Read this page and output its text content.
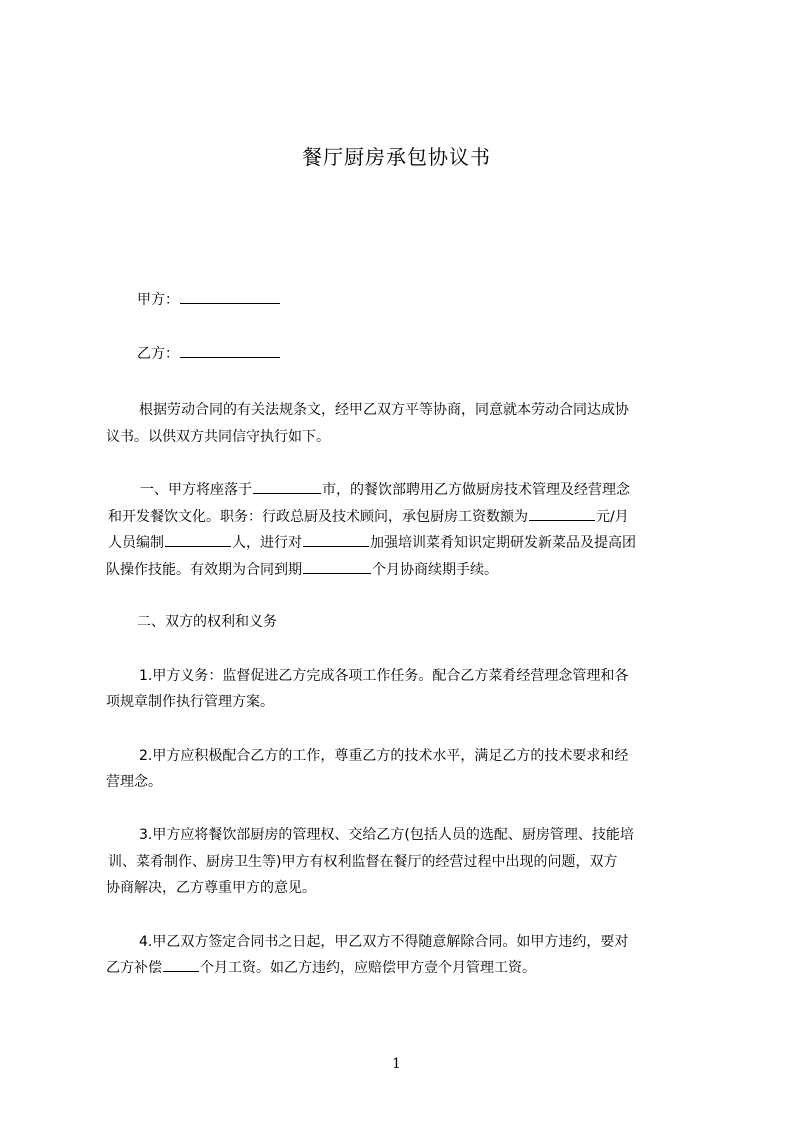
餐厅厨房承包协议书
甲方：
乙方：
根据劳动合同的有关法规条文，经甲乙双方平等协商，同意就本劳动合同达成协
议书。以供双方共同信守执行如下。
一、甲方将座落于	市，的餐饮部聘用乙方做厨房技术管理及经营理念
和开发餐饮文化。职务：行政总厨及技术顾问，承包厨房工资数额为	元/月
人员编制	人，进行对	加强培训菜肴知识定期研发新菜品及提高团
队操作技能。有效期为合同到期	个月协商续期手续。
二、双方的权利和义务
1.甲方义务：监督促进乙方完成各项工作任务。配合乙方菜肴经营理念管理和各
项规章制作执行管理方案。
2.甲方应积极配合乙方的工作，尊重乙方的技术水平，满足乙方的技术要求和经
营理念。
3.甲方应将餐饮部厨房的管理权、交给乙方(包括人员的选配、厨房管理、技能培
训、菜肴制作、厨房卫生等)甲方有权利监督在餐厅的经营过程中出现的问题，双方
协商解决，乙方尊重甲方的意见。
4.甲乙双方签定合同书之日起，甲乙双方不得随意解除合同。如甲方违约，要对
乙方补偿	个月工资。如乙方违约，应赔偿甲方壹个月管理工资。
1
